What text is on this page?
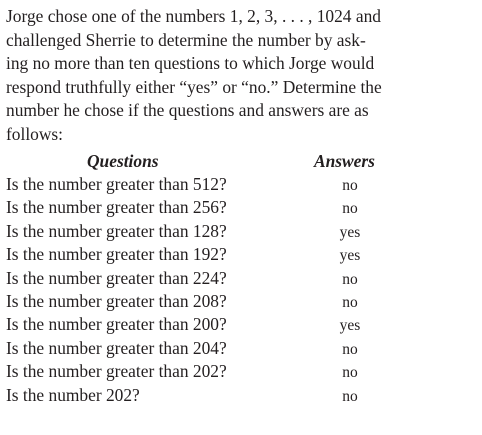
Jorge chose one of the numbers 1, 2, 3, . . . , 1024 and
challenged Sherrie to determine the number by ask-
ing no more than ten questions to which Jorge would
respond truthfully either “yes” or “no.” Determine the
number he chose if the questions and answers are as
follows:
Questions	Answers
Is the number greater than 512?	no
Is the number greater than 256?	no
Is the number greater than 128?	yes
Is the number greater than 192?	yes
Is the number greater than 224?	no
Is the number greater than 208?	no
Is the number greater than 200?	yes
Is the number greater than 204?	no
Is the number greater than 202?	no
Is the number 202?	no
